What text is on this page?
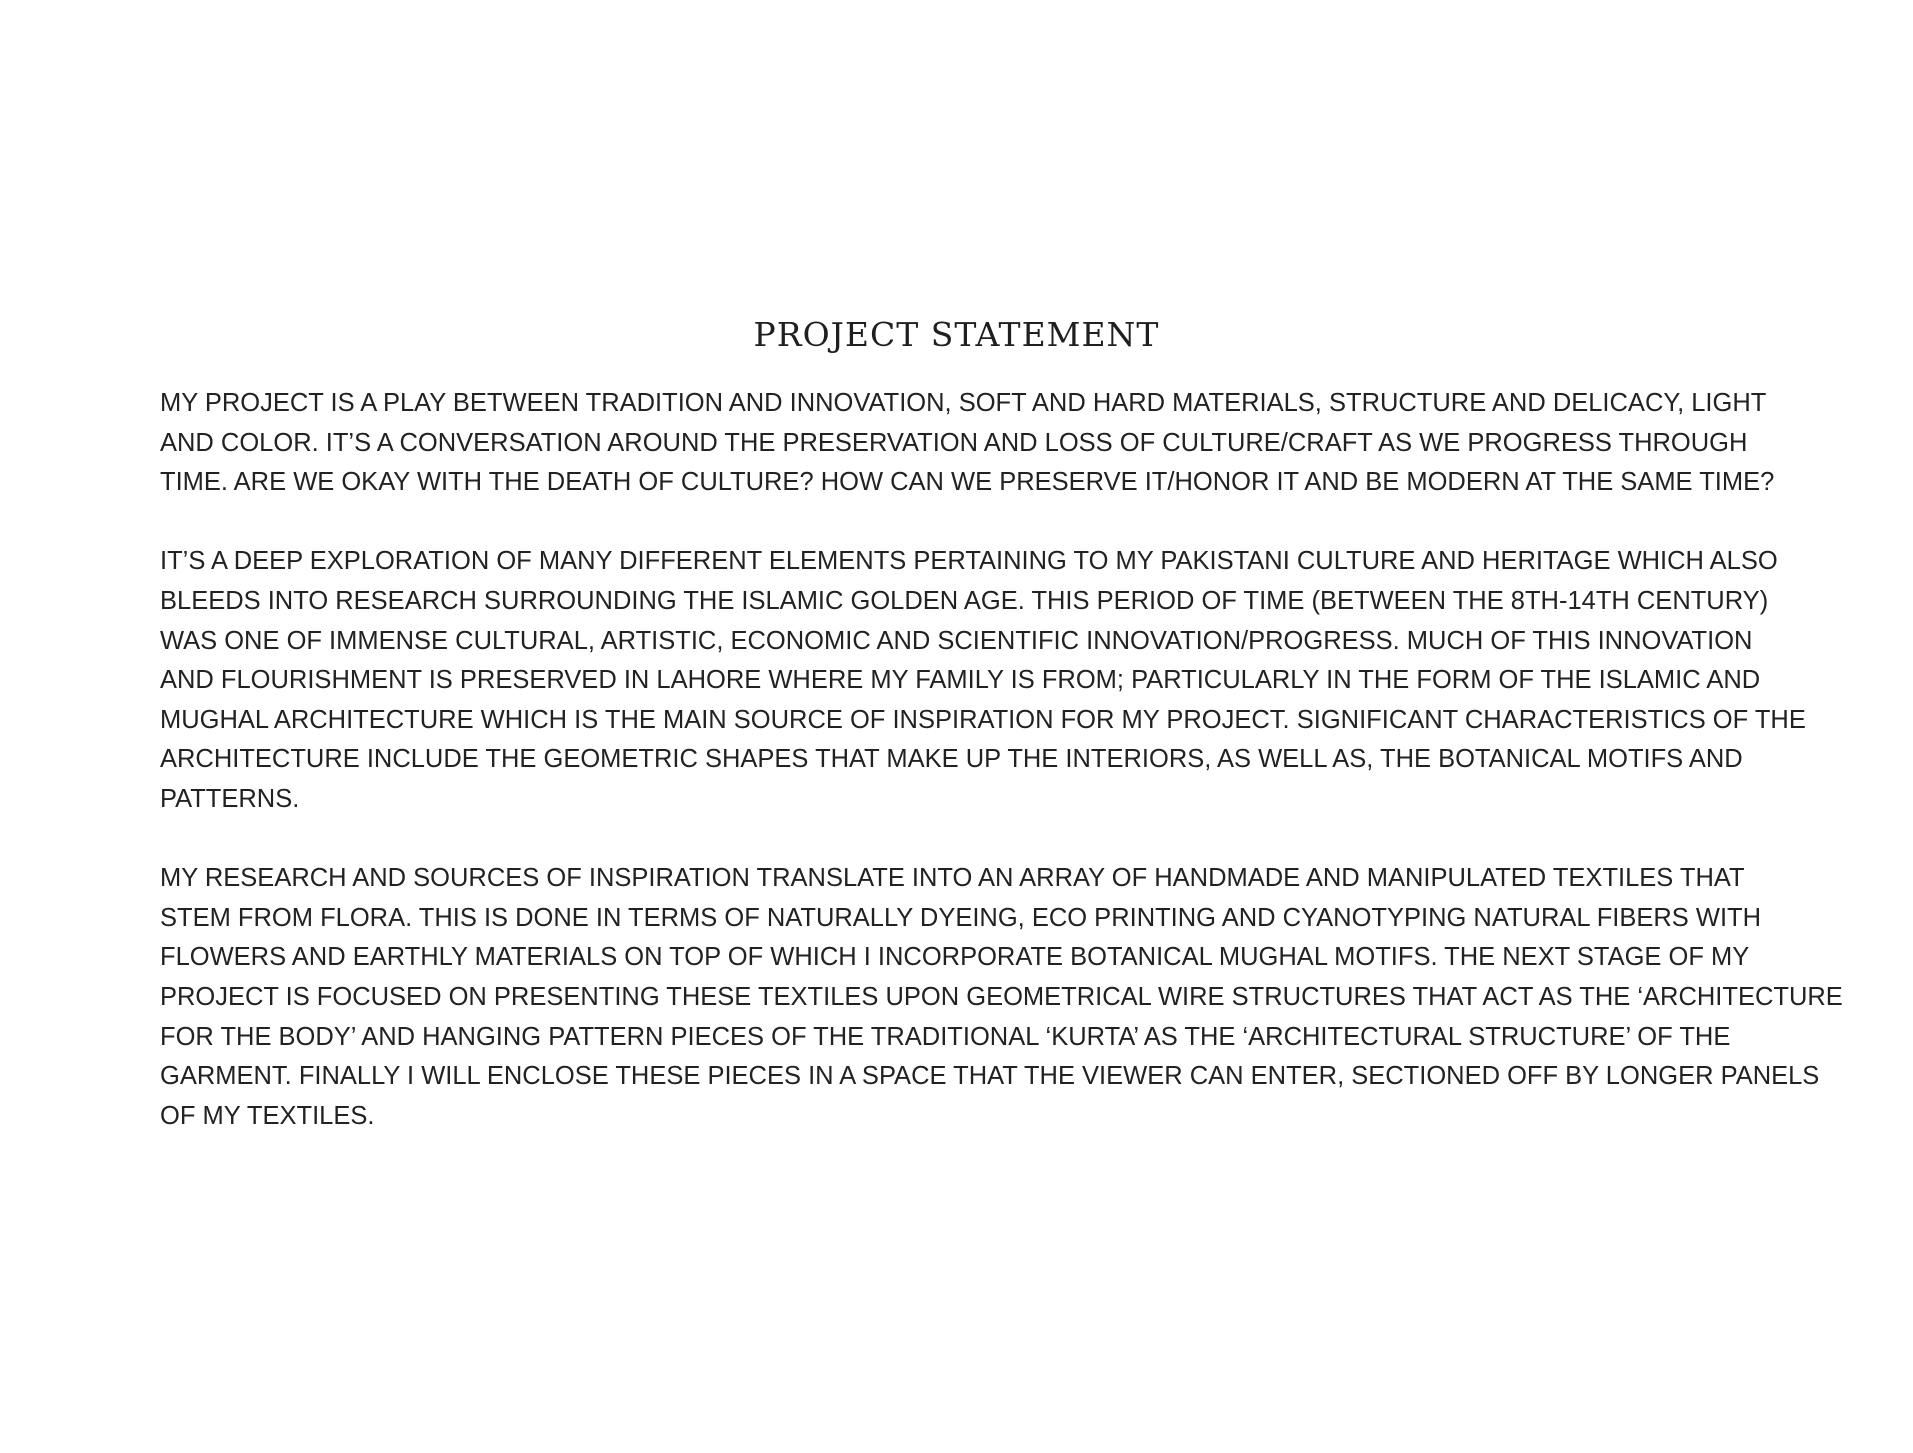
PROJECT STATEMENT

MY PROJECT IS A PLAY BETWEEN TRADITION AND INNOVATION, SOFT AND HARD MATERIALS, STRUCTURE AND DELICACY, LIGHT
AND COLOR. IT’S A CONVERSATION AROUND THE PRESERVATION AND LOSS OF CULTURE/CRAFT AS WE PROGRESS THROUGH
TIME. ARE WE OKAY WITH THE DEATH OF CULTURE? HOW CAN WE PRESERVE IT/HONOR IT AND BE MODERN AT THE SAME TIME?

IT’S A DEEP EXPLORATION OF MANY DIFFERENT ELEMENTS PERTAINING TO MY PAKISTANI CULTURE AND HERITAGE WHICH ALSO
BLEEDS INTO RESEARCH SURROUNDING THE ISLAMIC GOLDEN AGE. THIS PERIOD OF TIME (BETWEEN THE 8TH-14TH CENTURY)
WAS ONE OF IMMENSE CULTURAL, ARTISTIC, ECONOMIC AND SCIENTIFIC INNOVATION/PROGRESS. MUCH OF THIS INNOVATION
AND FLOURISHMENT IS PRESERVED IN LAHORE WHERE MY FAMILY IS FROM; PARTICULARLY IN THE FORM OF THE ISLAMIC AND
MUGHAL ARCHITECTURE WHICH IS THE MAIN SOURCE OF INSPIRATION FOR MY PROJECT. SIGNIFICANT CHARACTERISTICS OF THE
ARCHITECTURE INCLUDE THE GEOMETRIC SHAPES THAT MAKE UP THE INTERIORS, AS WELL AS, THE BOTANICAL MOTIFS AND
PATTERNS.

MY RESEARCH AND SOURCES OF INSPIRATION TRANSLATE INTO AN ARRAY OF HANDMADE AND MANIPULATED TEXTILES THAT
STEM FROM FLORA. THIS IS DONE IN TERMS OF NATURALLY DYEING, ECO PRINTING AND CYANOTYPING NATURAL FIBERS WITH
FLOWERS AND EARTHLY MATERIALS ON TOP OF WHICH I INCORPORATE BOTANICAL MUGHAL MOTIFS. THE NEXT STAGE OF MY
PROJECT IS FOCUSED ON PRESENTING THESE TEXTILES UPON GEOMETRICAL WIRE STRUCTURES THAT ACT AS THE ‘ARCHITECTURE
FOR THE BODY’ AND HANGING PATTERN PIECES OF THE TRADITIONAL ‘KURTA’ AS THE ‘ARCHITECTURAL STRUCTURE’ OF THE
GARMENT. FINALLY I WILL ENCLOSE THESE PIECES IN A SPACE THAT THE VIEWER CAN ENTER, SECTIONED OFF BY LONGER PANELS
OF MY TEXTILES.
